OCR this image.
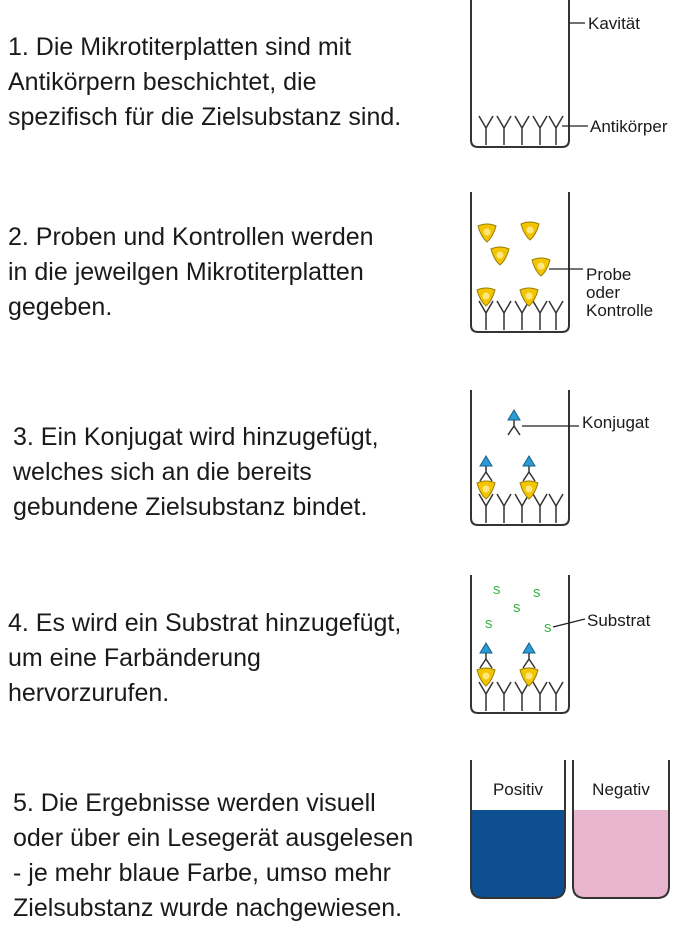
1. Die Mikrotiterplatten sind mit
Antikörpern beschichtet, die
spezifisch für die Zielsubstanz sind.

2. Proben und Kontrollen werden
in die jeweilgen Mikrotiterplatten
gegeben.

3. Ein Konjugat wird hinzugefügt,
welches sich an die bereits
gebundene Zielsubstanz bindet.

4. Es wird ein Substrat hinzugefügt,
um eine Farbänderung
hervorzurufen.

5. Die Ergebnisse werden visuell
oder über ein Lesegerät ausgelesen
- je mehr blaue Farbe, umso mehr
Zielsubstanz wurde nachgewiesen.

Kavität
Antikörper
Probe
oder
Kontrolle
Konjugat
s s
s
s	s Substrat
Positiv	Negativ
